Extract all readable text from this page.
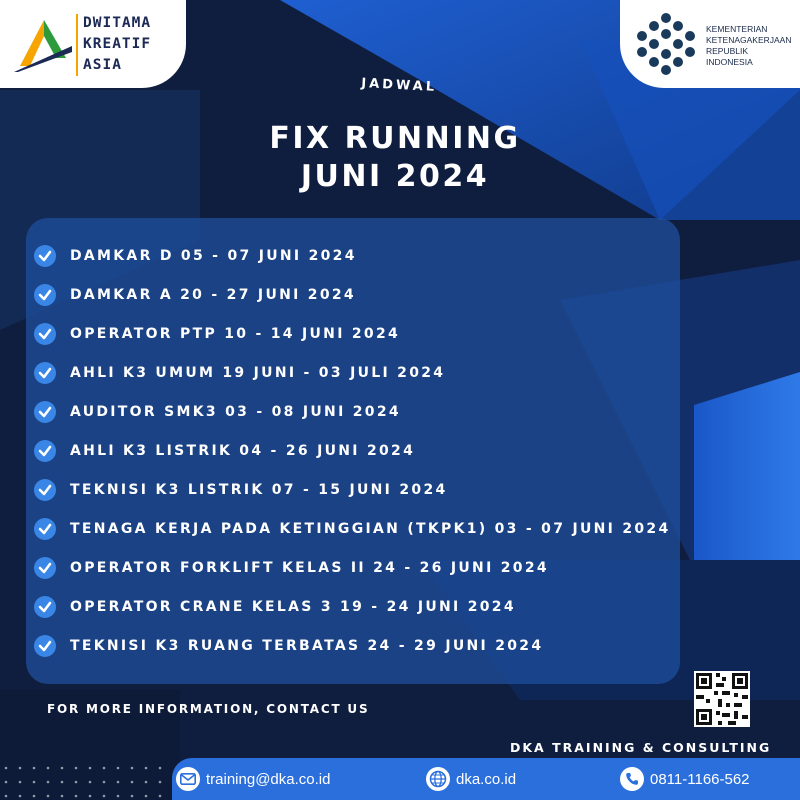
DWITAMA
KREATIF
ASIA
KEMENTERIAN
KETENAGAKERJAAN
REPUBLIK
INDONESIA
JADWAL
FIX RUNNING
JUNI 2024
DAMKAR D 05 - 07 JUNI 2024
DAMKAR A 20 - 27 JUNI 2024
OPERATOR PTP 10 - 14 JUNI 2024
AHLI K3 UMUM 19 JUNI - 03 JULI 2024
AUDITOR SMK3 03 - 08 JUNI 2024
AHLI K3 LISTRIK 04 - 26 JUNI 2024
TEKNISI K3 LISTRIK 07 - 15 JUNI 2024
TENAGA KERJA PADA KETINGGIAN (TKPK1) 03 - 07 JUNI 2024
OPERATOR FORKLIFT KELAS II 24 - 26 JUNI 2024
OPERATOR CRANE KELAS 3 19 - 24 JUNI 2024
TEKNISI K3 RUANG TERBATAS 24 - 29 JUNI 2024
FOR MORE INFORMATION, CONTACT US
DKA TRAINING & CONSULTING
training@dka.co.id	dka.co.id	0811-1166-562
